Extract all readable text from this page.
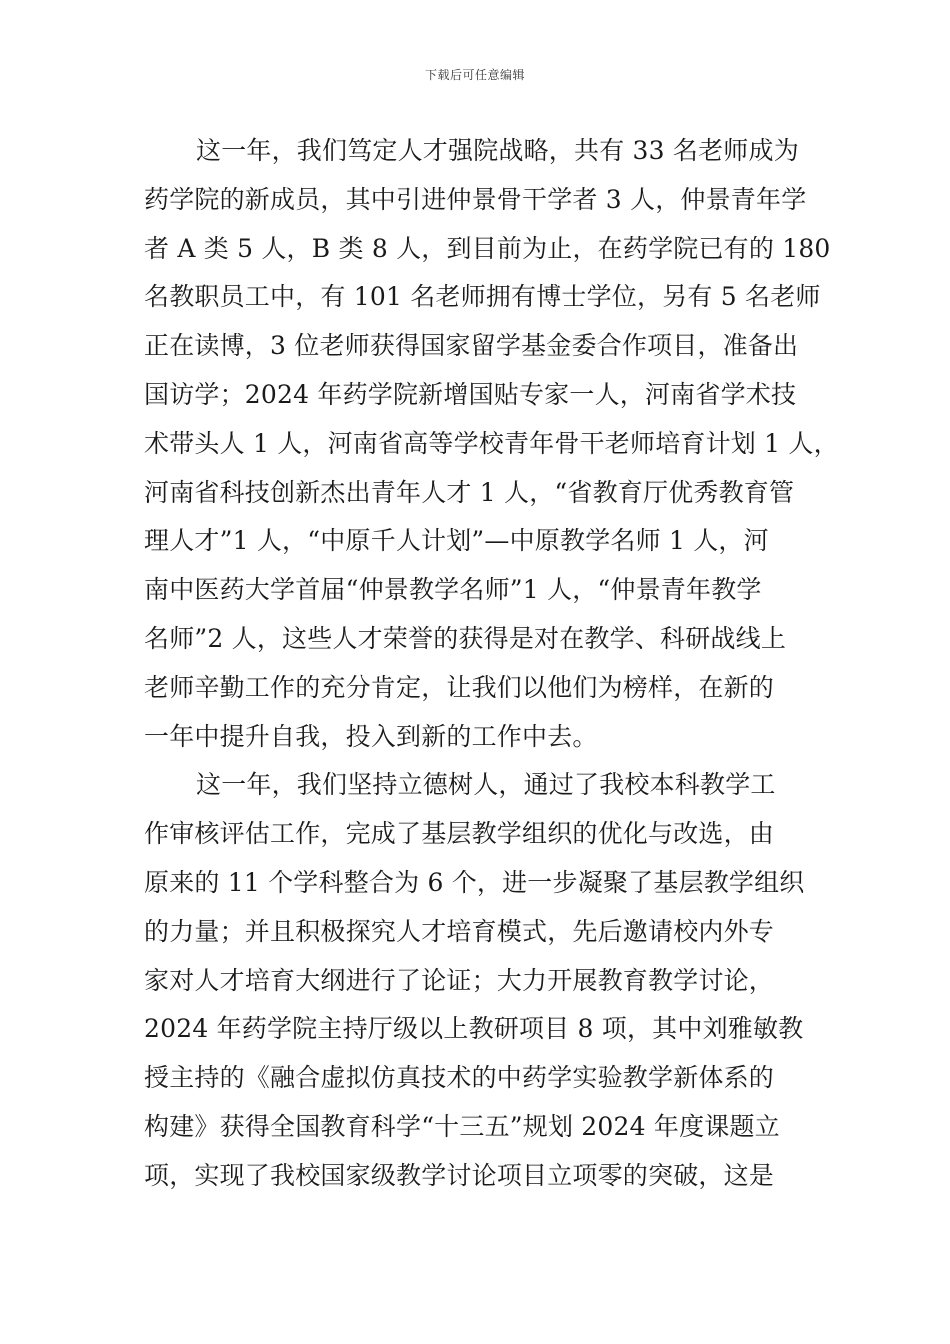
下载后可任意编辑
这一年，我们笃定人才强院战略，共有 33 名老师成为
药学院的新成员，其中引进仲景骨干学者 3 人，仲景青年学
者 A 类 5 人，B 类 8 人，到目前为止，在药学院已有的 180
名教职员工中，有 101 名老师拥有博士学位，另有 5 名老师
正在读博，3 位老师获得国家留学基金委合作项目，准备出
国访学；2024 年药学院新增国贴专家一人，河南省学术技
术带头人 1 人，河南省高等学校青年骨干老师培育计划 1 人，
河南省科技创新杰出青年人才 1 人，“省教育厅优秀教育管
理人才”1 人，“中原千人计划”—中原教学名师 1 人，河
南中医药大学首届“仲景教学名师”1 人，“仲景青年教学
名师”2 人，这些人才荣誉的获得是对在教学、科研战线上
老师辛勤工作的充分肯定，让我们以他们为榜样，在新的
一年中提升自我，投入到新的工作中去。
这一年，我们坚持立德树人，通过了我校本科教学工
作审核评估工作，完成了基层教学组织的优化与改选，由
原来的 11 个学科整合为 6 个，进一步凝聚了基层教学组织
的力量；并且积极探究人才培育模式，先后邀请校内外专
家对人才培育大纲进行了论证；大力开展教育教学讨论，
2024 年药学院主持厅级以上教研项目 8 项，其中刘雅敏教
授主持的《融合虚拟仿真技术的中药学实验教学新体系的
构建》获得全国教育科学“十三五”规划 2024 年度课题立
项，实现了我校国家级教学讨论项目立项零的突破，这是
